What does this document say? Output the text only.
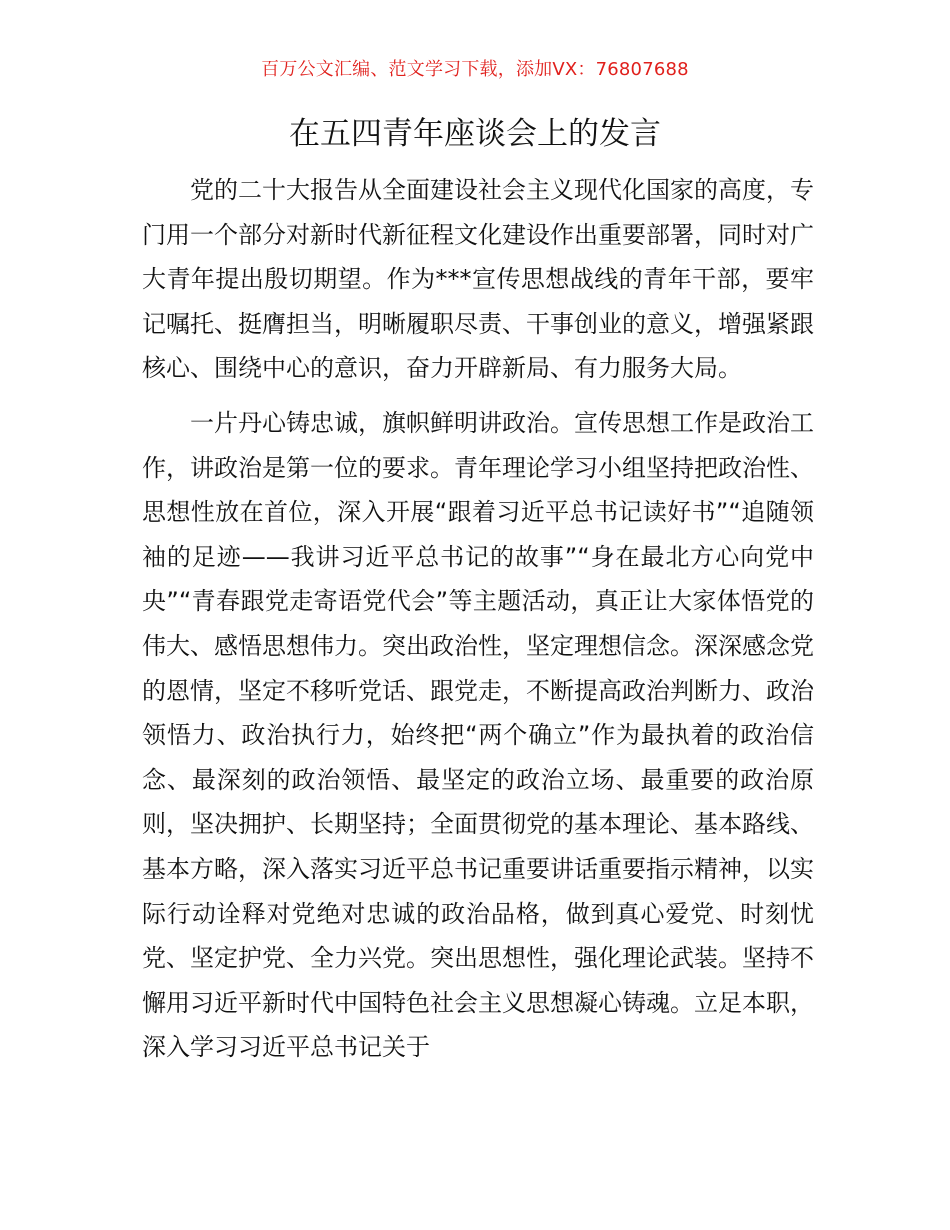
百万公文汇编、范文学习下载，添加VX：76807688
在五四青年座谈会上的发言

党的二十大报告从全面建设社会主义现代化国家的高度，专门用一个部分对新时代新征程文化建设作出重要部署，同时对广大青年提出殷切期望。作为***宣传思想战线的青年干部，要牢记嘱托、挺膺担当，明晰履职尽责、干事创业的意义，增强紧跟核心、围绕中心的意识，奋力开辟新局、有力服务大局。

一片丹心铸忠诚，旗帜鲜明讲政治。宣传思想工作是政治工作，讲政治是第一位的要求。青年理论学习小组坚持把政治性、思想性放在首位，深入开展“跟着习近平总书记读好书”“追随领袖的足迹——我讲习近平总书记的故事”“身在最北方心向党中央”“青春跟党走寄语党代会”等主题活动，真正让大家体悟党的伟大、感悟思想伟力。突出政治性，坚定理想信念。深深感念党的恩情，坚定不移听党话、跟党走，不断提高政治判断力、政治领悟力、政治执行力，始终把“两个确立”作为最执着的政治信念、最深刻的政治领悟、最坚定的政治立场、最重要的政治原则，坚决拥护、长期坚持；全面贯彻党的基本理论、基本路线、基本方略，深入落实习近平总书记重要讲话重要指示精神，以实际行动诠释对党绝对忠诚的政治品格，做到真心爱党、时刻忧党、坚定护党、全力兴党。突出思想性，强化理论武装。坚持不懈用习近平新时代中国特色社会主义思想凝心铸魂。立足本职，深入学习习近平总书记关于
